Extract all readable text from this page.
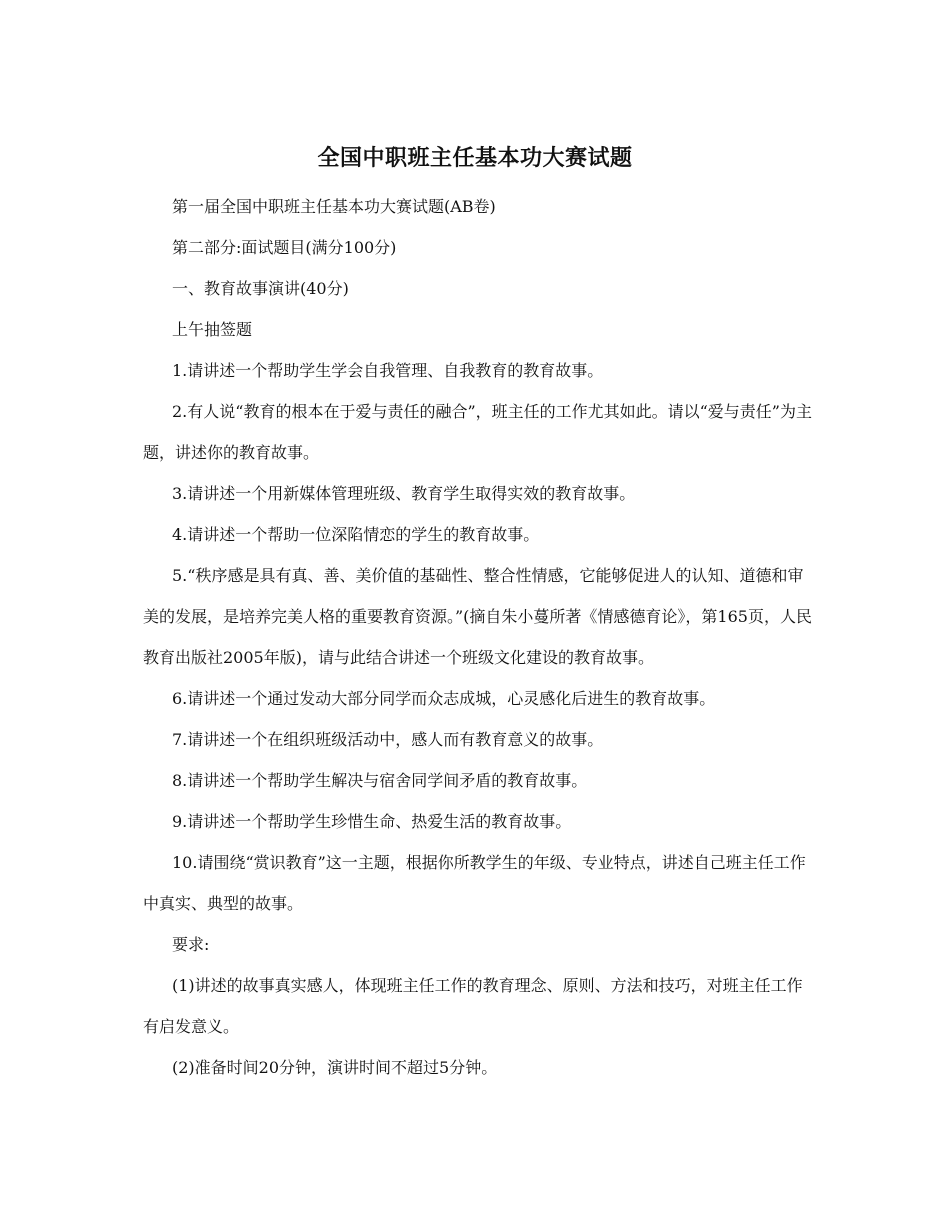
全国中职班主任基本功大赛试题

第一届全国中职班主任基本功大赛试题(AB卷)

第二部分:面试题目(满分100分)

一、教育故事演讲(40分)

上午抽签题

1.请讲述一个帮助学生学会自我管理、自我教育的教育故事。

2.有人说“教育的根本在于爱与责任的融合”，班主任的工作尤其如此。请以“爱与责任”为主题，讲述你的教育故事。

3.请讲述一个用新媒体管理班级、教育学生取得实效的教育故事。

4.请讲述一个帮助一位深陷情恋的学生的教育故事。

5.“秩序感是具有真、善、美价值的基础性、整合性情感，它能够促进人的认知、道德和审美的发展，是培养完美人格的重要教育资源。”(摘自朱小蔓所著《情感德育论》，第165页，人民教育出版社2005年版)，请与此结合讲述一个班级文化建设的教育故事。

6.请讲述一个通过发动大部分同学而众志成城，心灵感化后进生的教育故事。

7.请讲述一个在组织班级活动中，感人而有教育意义的故事。

8.请讲述一个帮助学生解决与宿舍同学间矛盾的教育故事。

9.请讲述一个帮助学生珍惜生命、热爱生活的教育故事。

10.请围绕“赏识教育”这一主题，根据你所教学生的年级、专业特点，讲述自己班主任工作中真实、典型的故事。

要求:

(1)讲述的故事真实感人，体现班主任工作的教育理念、原则、方法和技巧，对班主任工作有启发意义。

(2)准备时间20分钟，演讲时间不超过5分钟。
